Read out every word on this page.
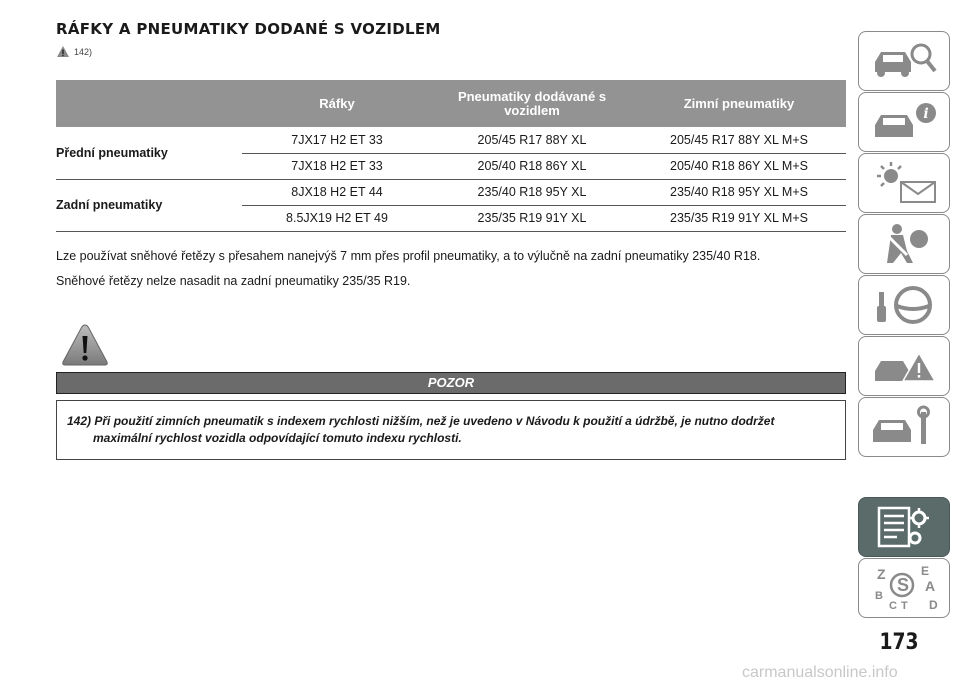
RÁFKY A PNEUMATIKY DODANÉ S VOZIDLEM
142)
	Ráfky	Pneumatiky dodávané s vozidlem	Zimní pneumatiky
Přední pneumatiky	7JX17 H2 ET 33	205/45 R17 88Y XL	205/45 R17 88Y XL M+S
	7JX18 H2 ET 33	205/40 R18 86Y XL	205/40 R18 86Y XL M+S
Zadní pneumatiky	8JX18 H2 ET 44	235/40 R18 95Y XL	235/40 R18 95Y XL M+S
	8.5JX19 H2 ET 49	235/35 R19 91Y XL	235/35 R19 91Y XL M+S
Lze používat sněhové řetězy s přesahem nanejvýš 7 mm přes profil pneumatiky, a to výlučně na zadní pneumatiky 235/40 R18.
Sněhové řetězy nelze nasadit na zadní pneumatiky 235/35 R19.
POZOR
142) Při použití zimních pneumatik s indexem rychlosti nižším, než je uvedeno v Návodu k použití a údržbě, je nutno dodržet maximální rychlost vozidla odpovídající tomuto indexu rychlosti.
i
Z	E
A
B
C T D
S
173
carmanualsonline.info
